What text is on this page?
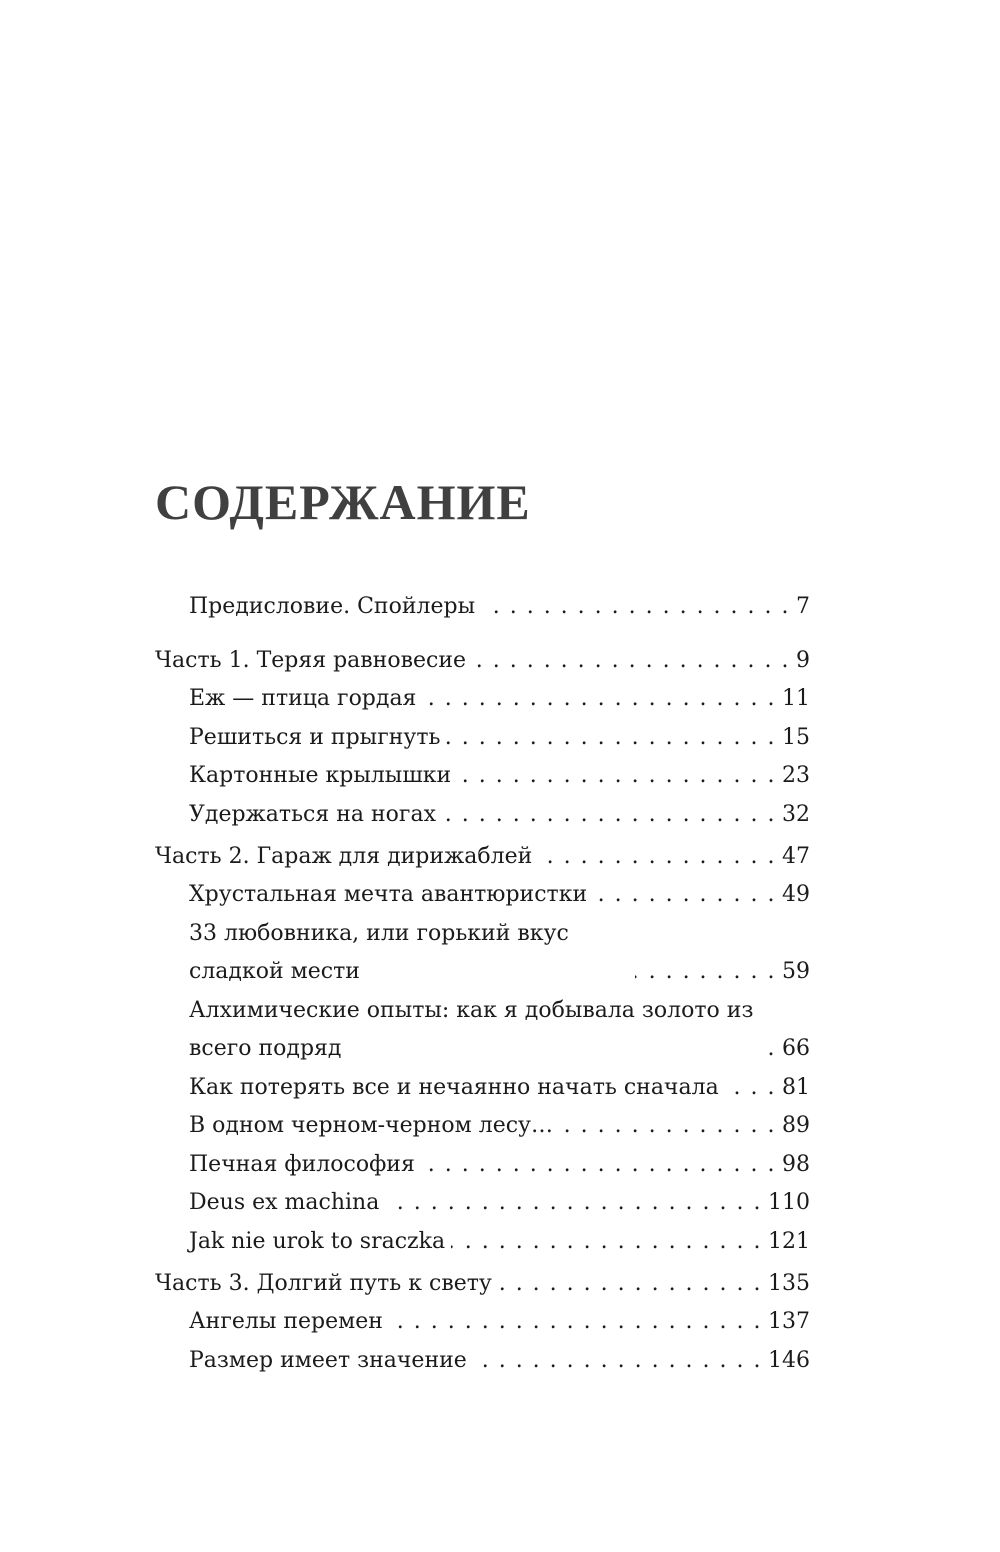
СОДЕРЖАНИЕ
Предисловие. Спойлеры . . .	7
Часть 1. Теряя равновесие . . .	9
Еж — птица гордая . . .	11
Решиться и прыгнуть . . .	15
Картонные крылышки . . .	23
Удержаться на ногах . . .	32
Часть 2. Гараж для дирижаблей . . .	47
Хрустальная мечта авантюристки . . .	49
33 любовника, или горький вкус сладкой мести . . .	59
Алхимические опыты: как я добывала золото из всего подряд . . .	66
Как потерять все и нечаянно начать сначала . . .	81
В одном черном-черном лесу… . . .	89
Печная философия . . .	98
Deus ex machina . . .	110
Jak nie urok to sraczka . . .	121
Часть 3. Долгий путь к свету . . .	135
Ангелы перемен . . .	137
Размер имеет значение . . .	146
